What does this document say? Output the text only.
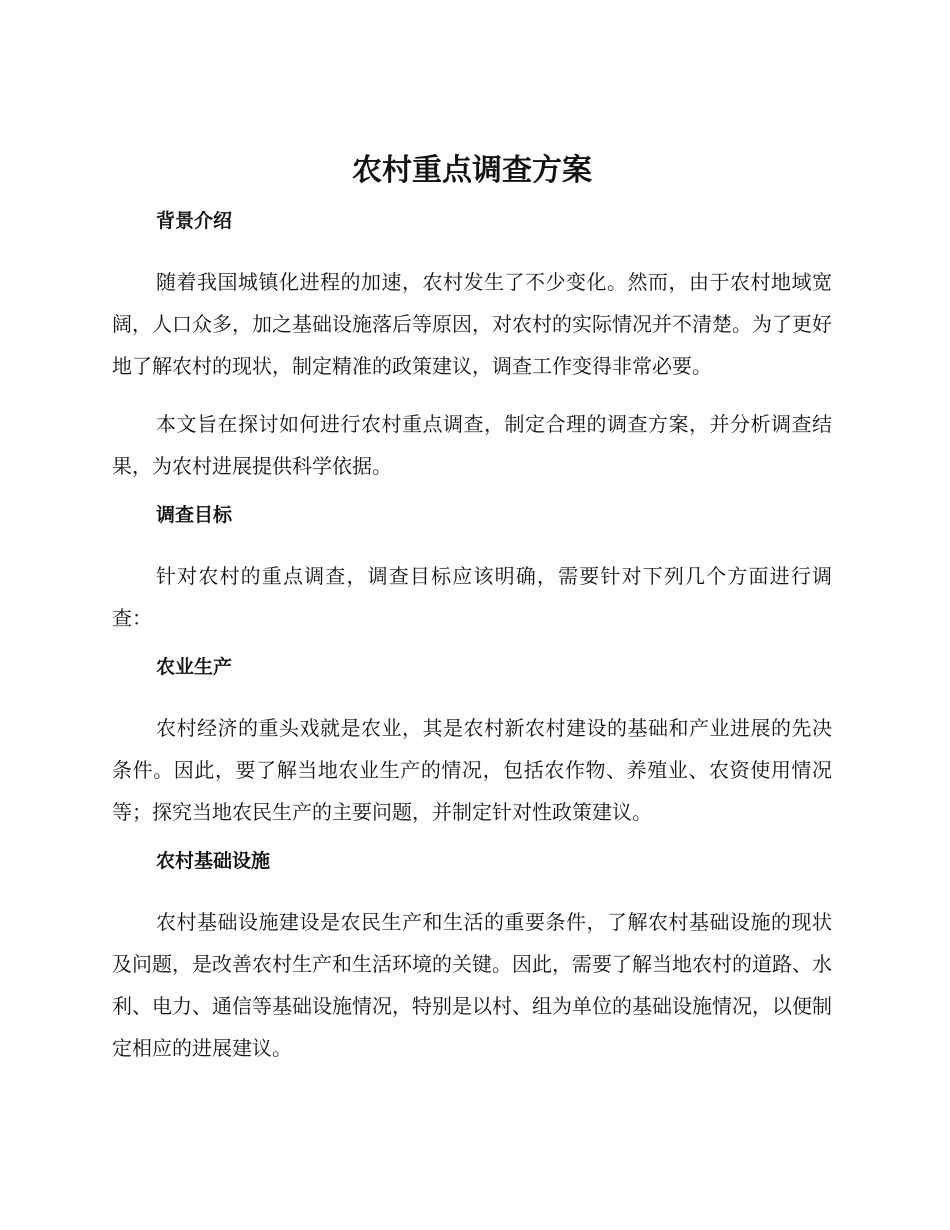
农村重点调查方案
背景介绍

随着我国城镇化进程的加速，农村发生了不少变化。然而，由于农村地域宽阔，人口众多，加之基础设施落后等原因，对农村的实际情况并不清楚。为了更好地了解农村的现状，制定精准的政策建议，调查工作变得非常必要。

本文旨在探讨如何进行农村重点调查，制定合理的调查方案，并分析调查结果，为农村进展提供科学依据。

调查目标

针对农村的重点调查，调查目标应该明确，需要针对下列几个方面进行调查：

农业生产

农村经济的重头戏就是农业，其是农村新农村建设的基础和产业进展的先决条件。因此，要了解当地农业生产的情况，包括农作物、养殖业、农资使用情况等；探究当地农民生产的主要问题，并制定针对性政策建议。

农村基础设施

农村基础设施建设是农民生产和生活的重要条件，了解农村基础设施的现状及问题，是改善农村生产和生活环境的关键。因此，需要了解当地农村的道路、水利、电力、通信等基础设施情况，特别是以村、组为单位的基础设施情况，以便制定相应的进展建议。
